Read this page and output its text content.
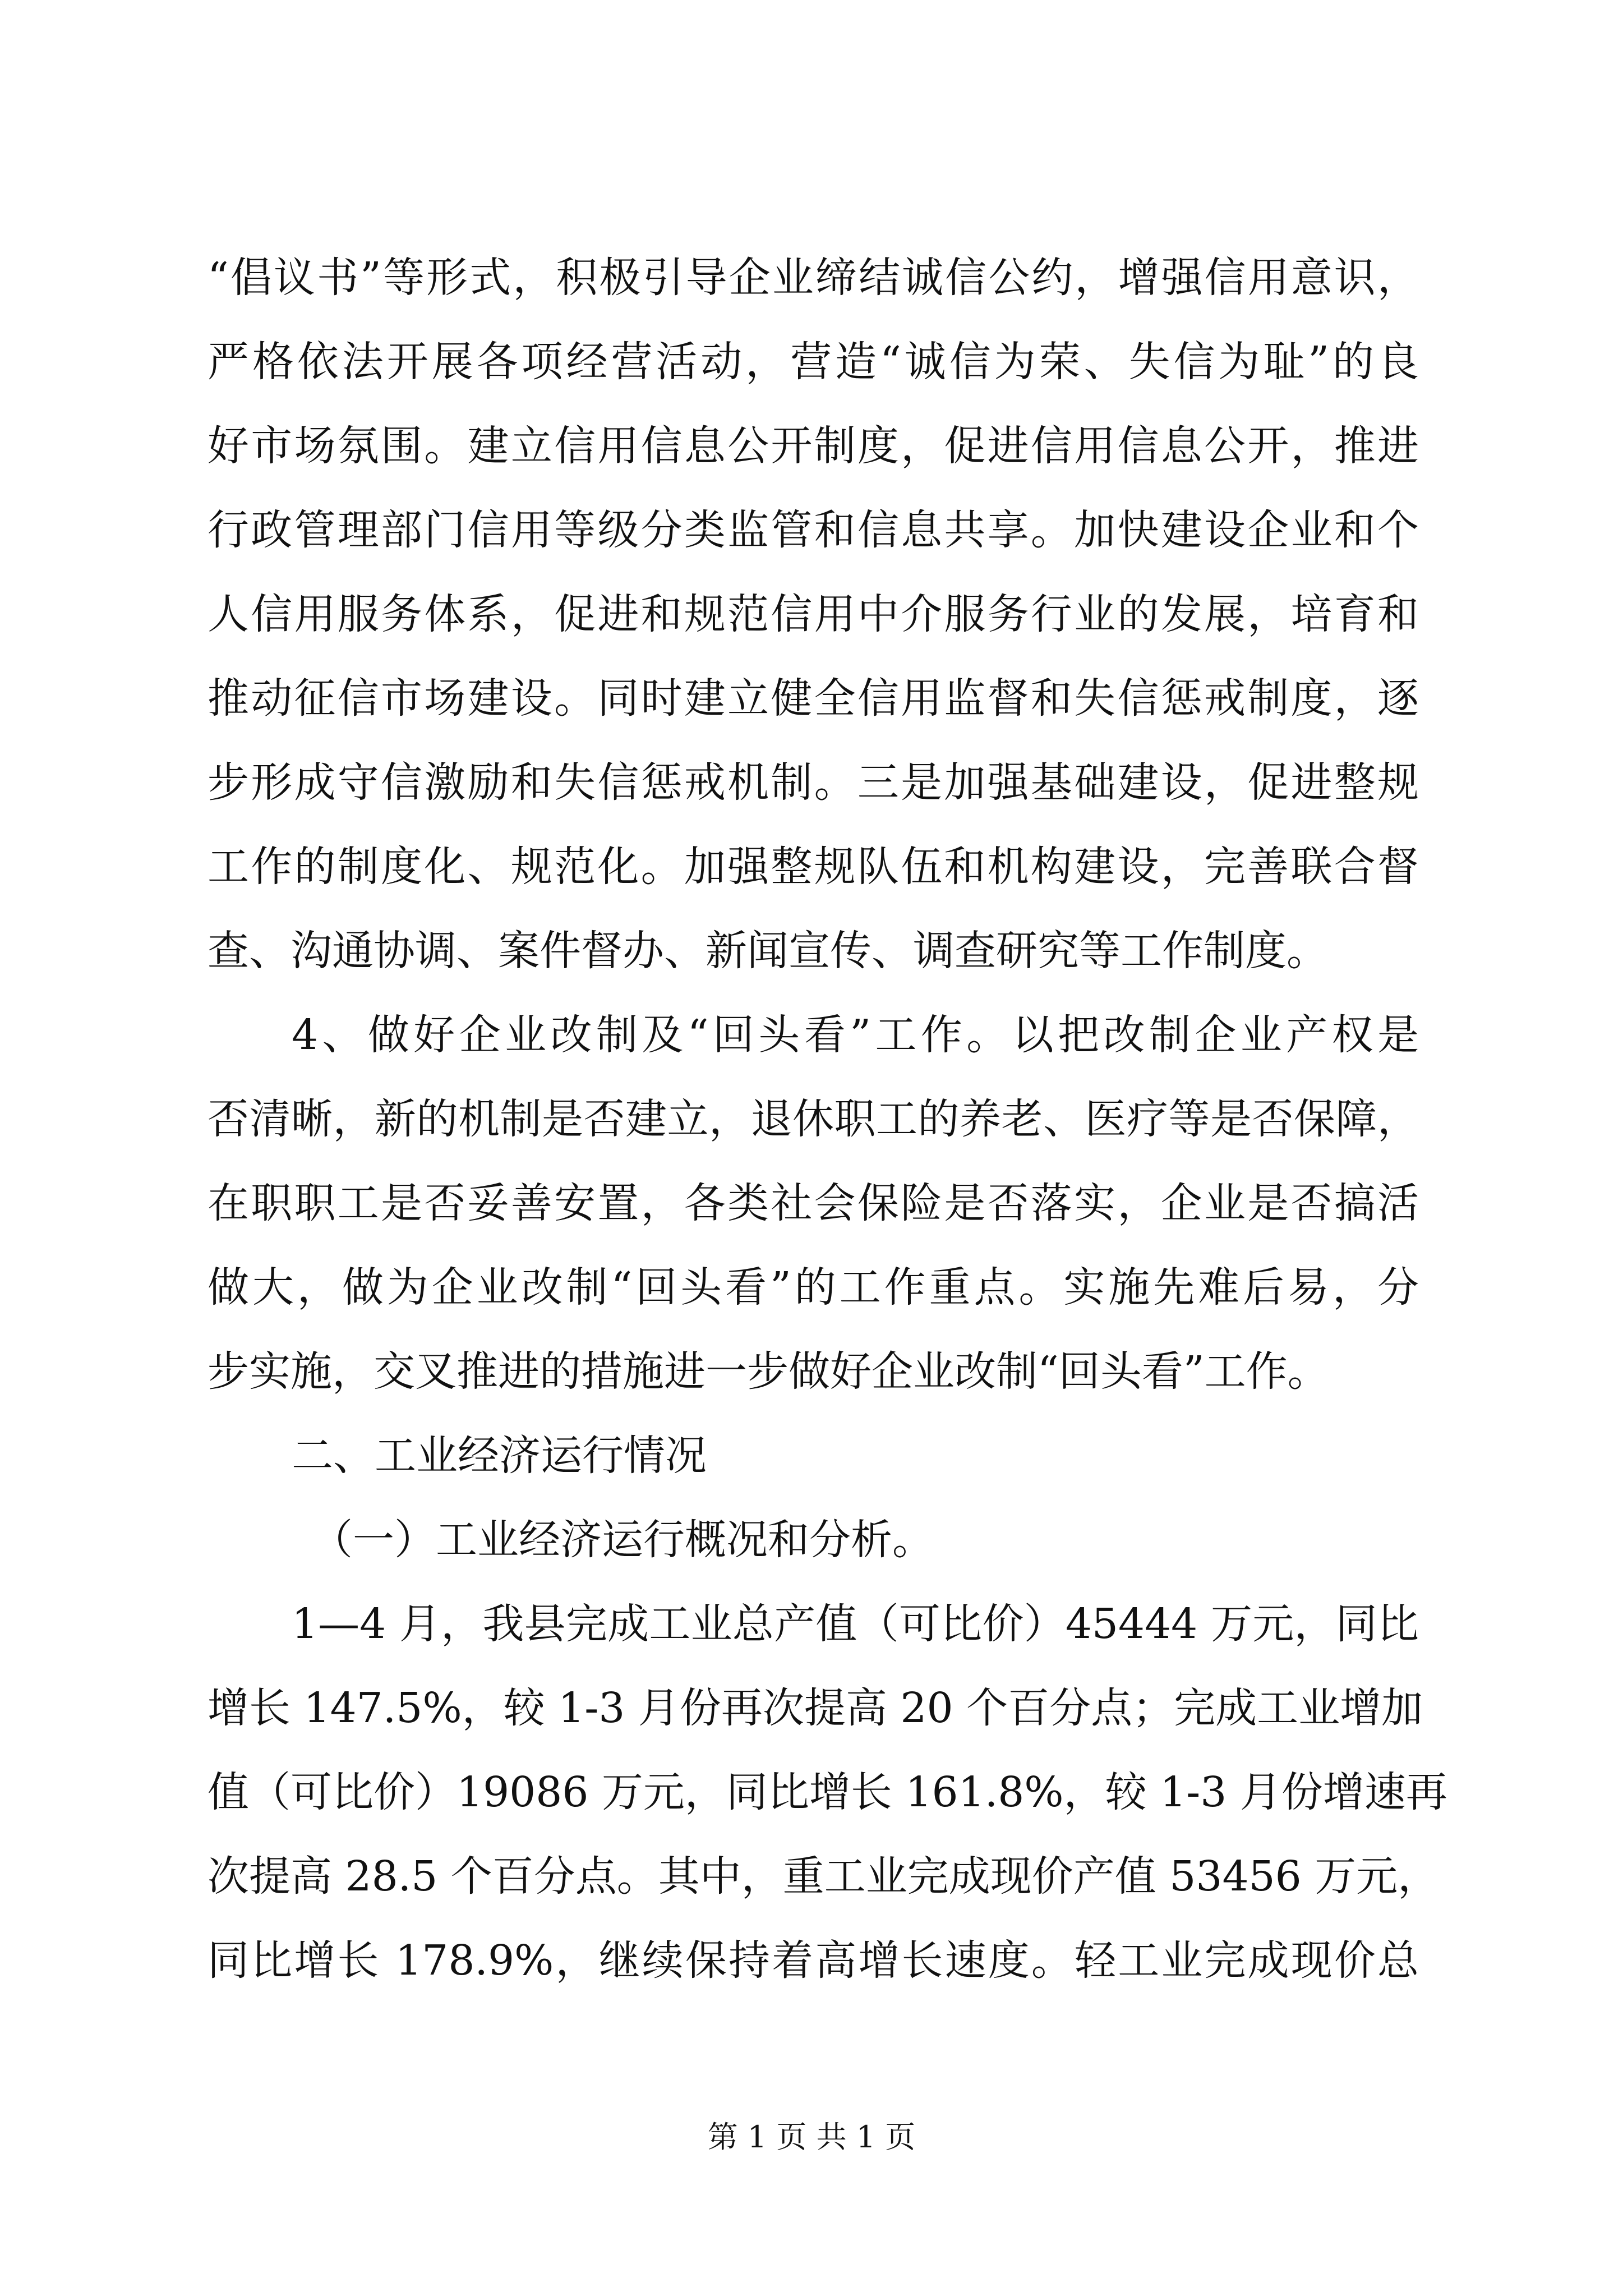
“倡议书”等形式，积极引导企业缔结诚信公约，增强信用意识，
严格依法开展各项经营活动，营造“诚信为荣、失信为耻”的良
好市场氛围。建立信用信息公开制度，促进信用信息公开，推进
行政管理部门信用等级分类监管和信息共享。加快建设企业和个
人信用服务体系，促进和规范信用中介服务行业的发展，培育和
推动征信市场建设。同时建立健全信用监督和失信惩戒制度，逐
步形成守信激励和失信惩戒机制。三是加强基础建设，促进整规
工作的制度化、规范化。加强整规队伍和机构建设，完善联合督
查、沟通协调、案件督办、新闻宣传、调查研究等工作制度。
4、做好企业改制及“回头看”工作。以把改制企业产权是
否清晰，新的机制是否建立，退休职工的养老、医疗等是否保障，
在职职工是否妥善安置，各类社会保险是否落实，企业是否搞活
做大，做为企业改制“回头看”的工作重点。实施先难后易，分
步实施，交叉推进的措施进一步做好企业改制“回头看”工作。
二、工业经济运行情况
（一）工业经济运行概况和分析。
1—4 月，我县完成工业总产值（可比价）45444 万元，同比
增长 147.5%，较 1-3 月份再次提高 20 个百分点；完成工业增加
值（可比价）19086 万元，同比增长 161.8%，较 1-3 月份增速再
次提高 28.5 个百分点。其中，重工业完成现价产值 53456 万元，
同比增长 178.9%，继续保持着高增长速度。轻工业完成现价总
第 1 页 共 1 页
